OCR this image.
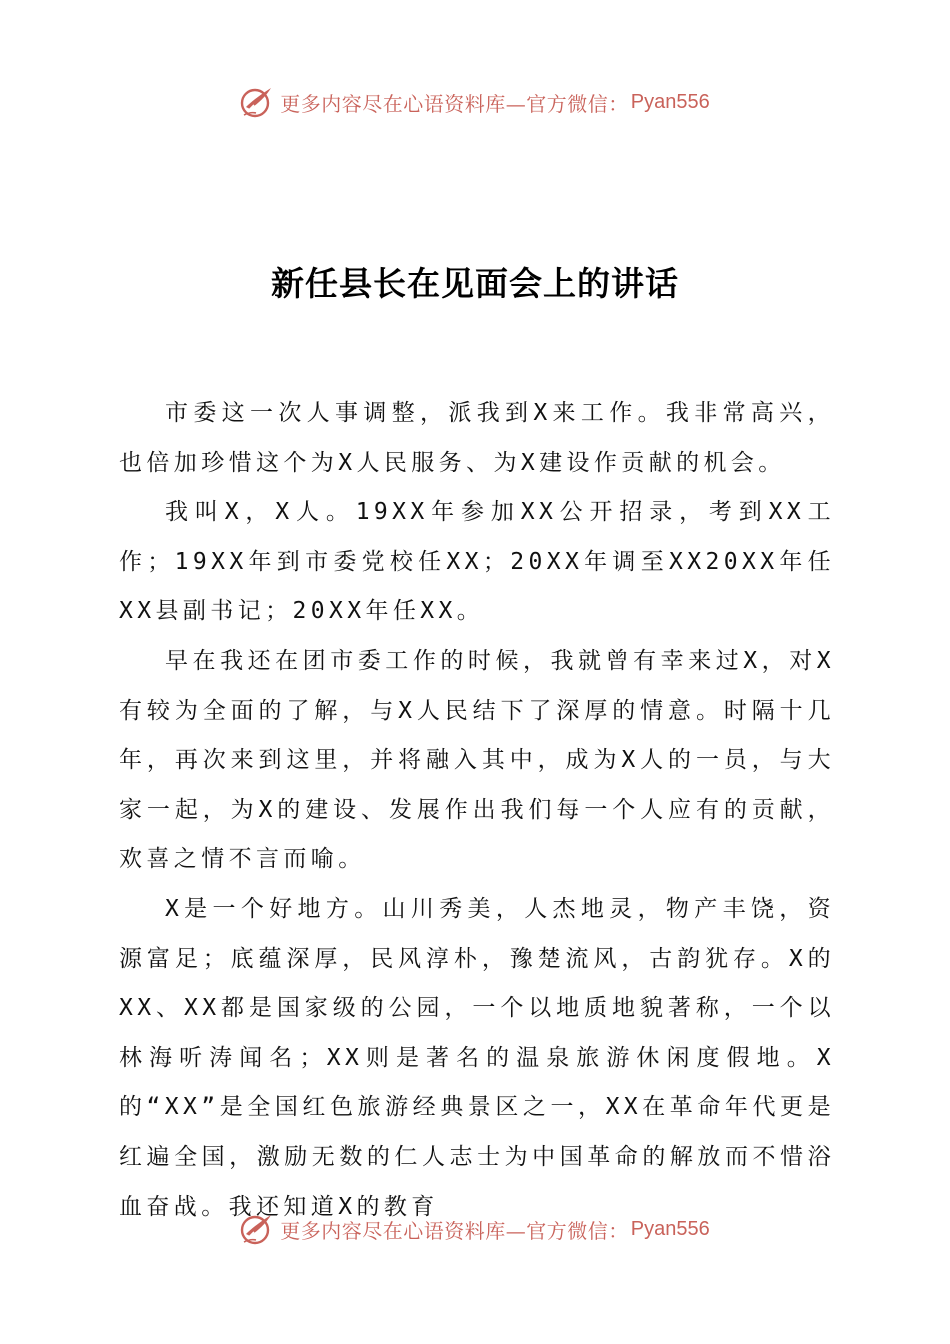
更多内容尽在心语资料库—官方微信： Pyan556
新任县长在见面会上的讲话

市委这一次人事调整，派我到X来工作。我非常高兴，也倍加珍惜这个为X人民服务、为X建设作贡献的机会。

我叫X，X人。19XX年参加XX公开招录，考到XX工作；19XX年到市委党校任XX；20XX年调至XX20XX年任XX县副书记；20XX年任XX。

早在我还在团市委工作的时候，我就曾有幸来过X，对X有较为全面的了解，与X人民结下了深厚的情意。时隔十几年，再次来到这里，并将融入其中，成为X人的一员，与大家一起，为X的建设、发展作出我们每一个人应有的贡献，欢喜之情不言而喻。

X是一个好地方。山川秀美，人杰地灵，物产丰饶，资源富足；底蕴深厚，民风淳朴，豫楚流风，古韵犹存。X的XX、XX都是国家级的公园，一个以地质地貌著称，一个以林海听涛闻名；XX则是著名的温泉旅游休闲度假地。X的“XX”是全国红色旅游经典景区之一，XX在革命年代更是红遍全国，激励无数的仁人志士为中国革命的解放而不惜浴血奋战。我还知道X的教育

更多内容尽在心语资料库—官方微信： Pyan556
